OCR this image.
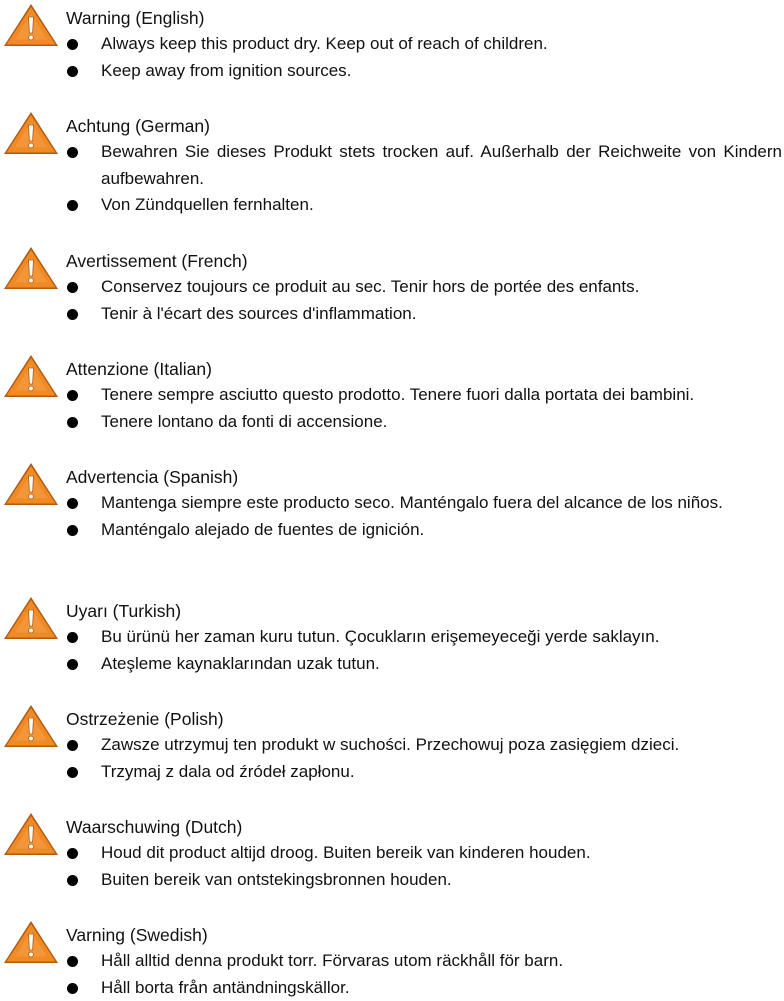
Warning (English)
Always keep this product dry. Keep out of reach of children.
Keep away from ignition sources.
Achtung (German)
Bewahren Sie dieses Produkt stets trocken auf. Außerhalb der Reichweite von Kindern aufbewahren.
Von Zündquellen fernhalten.
Avertissement (French)
Conservez toujours ce produit au sec. Tenir hors de portée des enfants.
Tenir à l'écart des sources d'inflammation.
Attenzione (Italian)
Tenere sempre asciutto questo prodotto. Tenere fuori dalla portata dei bambini.
Tenere lontano da fonti di accensione.
Advertencia (Spanish)
Mantenga siempre este producto seco. Manténgalo fuera del alcance de los niños.
Manténgalo alejado de fuentes de ignición.
Uyarı (Turkish)
Bu ürünü her zaman kuru tutun. Çocukların erişemeyeceği yerde saklayın.
Ateşleme kaynaklarından uzak tutun.
Ostrzeżenie (Polish)
Zawsze utrzymuj ten produkt w suchości. Przechowuj poza zasięgiem dzieci.
Trzymaj z dala od źródeł zapłonu.
Waarschuwing (Dutch)
Houd dit product altijd droog. Buiten bereik van kinderen houden.
Buiten bereik van ontstekingsbronnen houden.
Varning (Swedish)
Håll alltid denna produkt torr. Förvaras utom räckhåll för barn.
Håll borta från antändningskällor.
